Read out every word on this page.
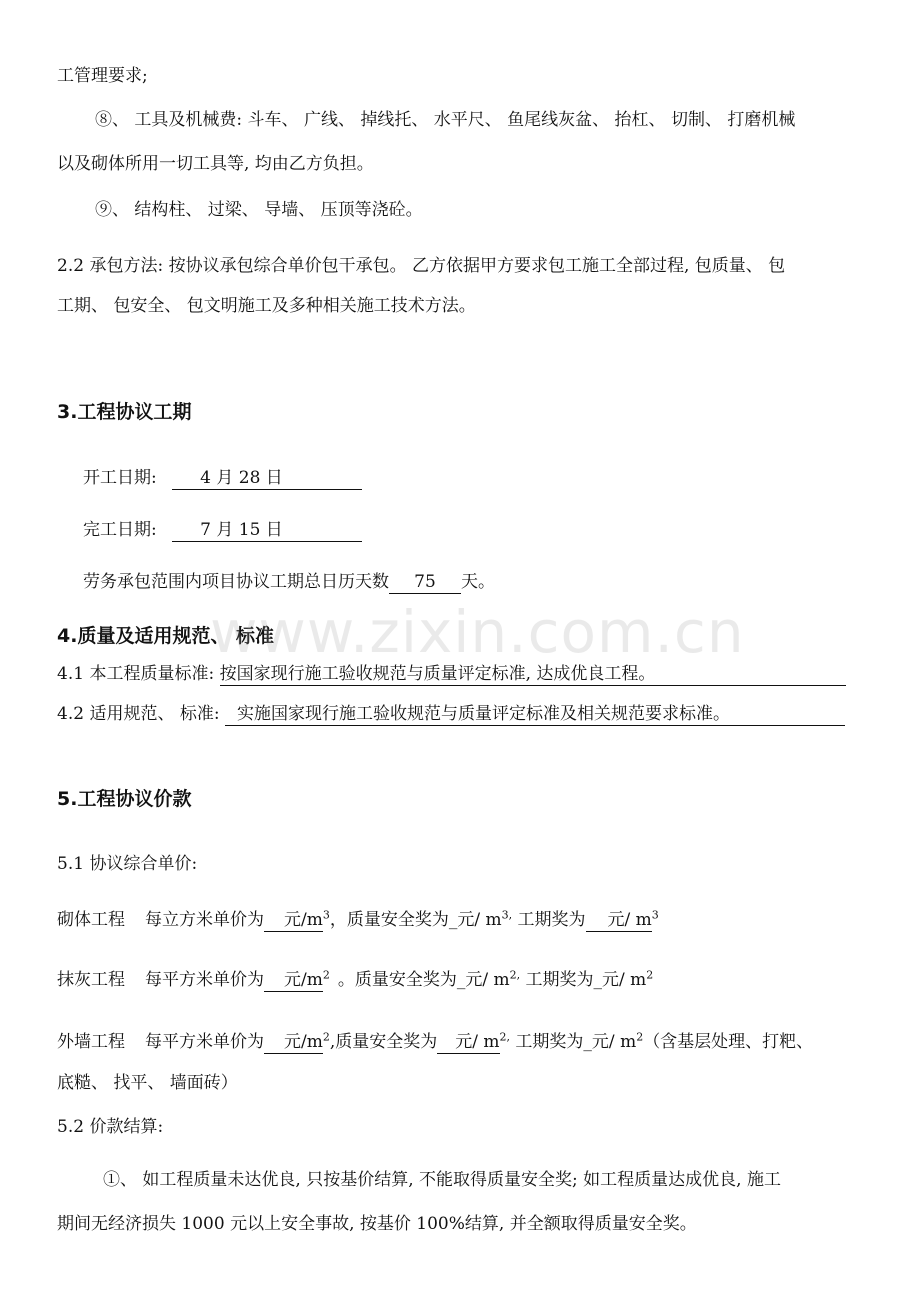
工管理要求;
⑧、 工具及机械费: 斗车、 广线、 掉线托、 水平尺、 鱼尾线灰盆、 抬杠、 切制、 打磨机械
以及砌体所用一切工具等, 均由乙方负担。
⑨、 结构柱、 过梁、 导墙、 压顶等浇砼。
2.2 承包方法: 按协议承包综合单价包干承包。 乙方依据甲方要求包工施工全部过程, 包质量、 包
工期、 包安全、 包文明施工及多种相关施工技术方法。
3.工程协议工期
开工日期:	4 月 28 日
完工日期:	7 月 15 日
劳务承包范围内项目协议工期总日历天数 75 天。
4.质量及适用规范、 标准
4.1 本工程质量标准: 按国家现行施工验收规范与质量评定标准, 达成优良工程。
4.2 适用规范、 标准: 实施国家现行施工验收规范与质量评定标准及相关规范要求标准。
5.工程协议价款
5.1 协议综合单价:
砌体工程 每立方米单价为 元$/m^3$，质量安全奖为_元/ $m^{3,}$ 工期奖为 元/ $m^3$
抹灰工程 每平方米单价为 元$/m^2$ 。质量安全奖为_元/ $m^{2,}$ 工期奖为_元/ $m^2$
外墙工程 每平方米单价为 元$/m^2$,质量安全奖为 元/ $m^{2,}$ 工期奖为_元/ $m^2$（含基层处理、打粑、
底糙、 找平、 墙面砖）
5.2 价款结算:
①、 如工程质量未达优良, 只按基价结算, 不能取得质量安全奖; 如工程质量达成优良, 施工
期间无经济损失 1000 元以上安全事故, 按基价 100%结算, 并全额取得质量安全奖。
www.zixin.com.cn
